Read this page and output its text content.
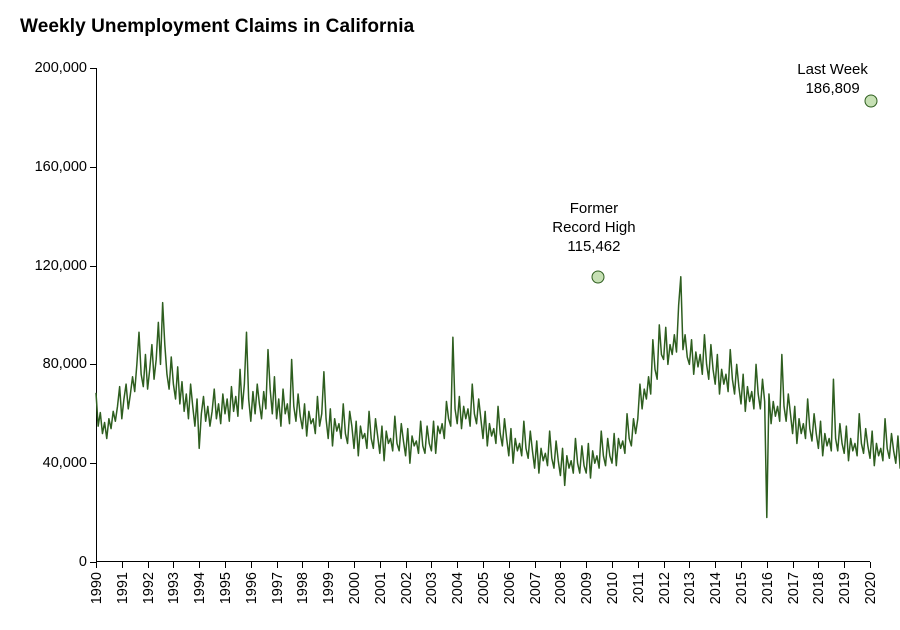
Weekly Unemployment Claims in California
0
40,000
80,000
120,000
160,000
200,000
1990 1991 1992 1993 1994 1995 1996 1997 1998 1999 2000 2001 2002 2003 2004 2005 2006 2007 2008 2009 2010 2011 2012 2013 2014 2015 2016 2017 2018 2019 2020
Former
Record High
115,462
Last Week
186,809
